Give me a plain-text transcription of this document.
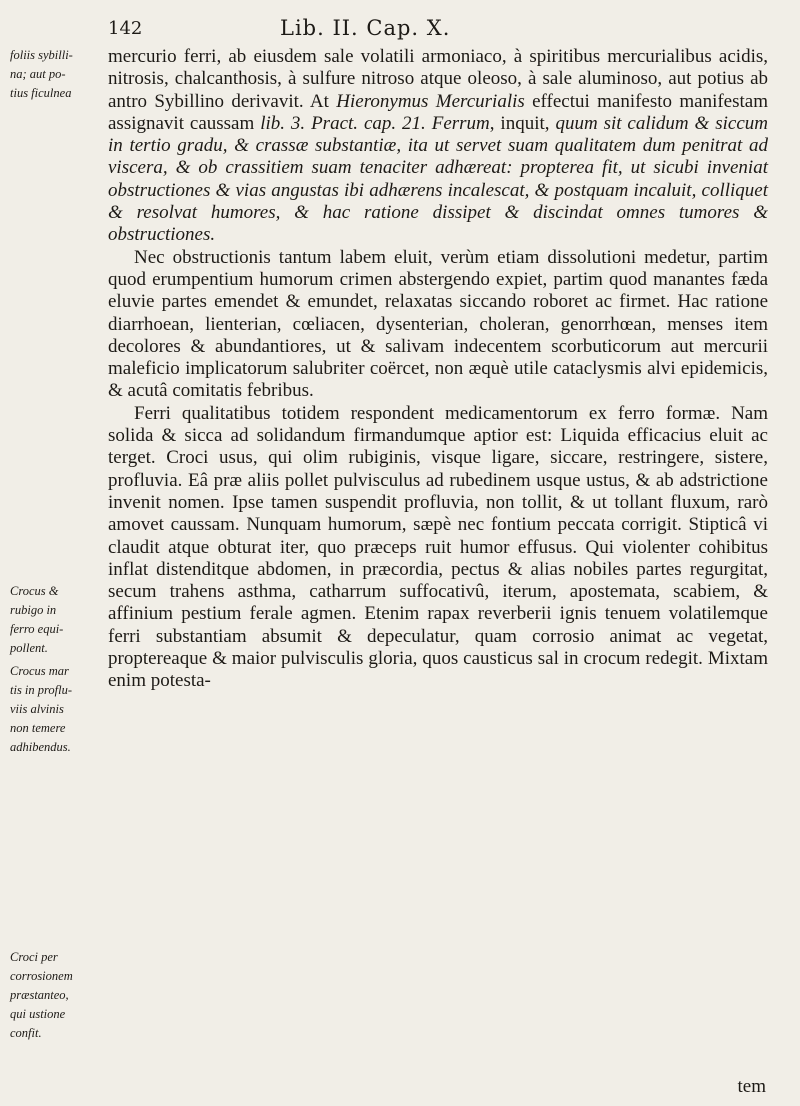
142	Lib. II. Cap. X.
foliis sybilli-
na; aut po-
tius ficulnea
Crocus &
rubigo in
ferro equi-
pollent.
Crocus mar
tis in proflu-
viis alvinis
non temere
adhibendus.
Croci per
corrosionem
præstanteo,
qui ustione
confit.

mercurio ferri, ab eiusdem sale volatili armoniaco, à spiritibus mercurialibus acidis, nitrosis, chalcanthosis, à sulfure nitroso atque oleoso, à sale aluminoso, aut potius ab antro Sybillino derivavit. At Hieronymus Mercurialis effectui manifesto manifestam assignavit caussam lib. 3. Pract. cap. 21. Ferrum, inquit, quum sit calidum & siccum in tertio gradu, & crassæ substantiæ, ita ut servet suam qualitatem dum penitrat ad viscera, & ob crassitiem suam tenaciter adhæreat: propterea fit, ut sicubi inveniat obstructiones & vias angustas ibi adhærens incalescat, & postquam incaluit, colliquet & resolvat humores, & hac ratione dissipet & discindat omnes tumores & obstructiones.

Nec obstructionis tantum labem eluit, verùm etiam dissolutioni medetur, partim quod erumpentium humorum crimen abstergendo expiet, partim quod manantes fæda eluvie partes emendet & emundet, relaxatas siccando roboret ac firmet. Hac ratione diarrhoean, lienterian, cœliacen, dysenterian, choleran, genorrhœan, menses item decolores & abundantiores, ut & salivam indecentem scorbuticorum aut mercurii maleficio implicatorum salubriter coërcet, non æquè utile cataclysmis alvi epidemicis, & acutâ comitatis febribus.

Ferri qualitatibus totidem respondent medicamentorum ex ferro formæ. Nam solida & sicca ad solidandum firmandumque aptior est: Liquida efficacius eluit ac terget. Croci usus, qui olim rubiginis, visque ligare, siccare, restringere, sistere, profluvia. Eâ præ aliis pollet pulvisculus ad rubedinem usque ustus, & ab adstrictione invenit nomen. Ipse tamen suspendit profluvia, non tollit, & ut tollant fluxum, rarò amovet caussam. Nunquam humorum, sæpè nec fontium peccata corrigit. Stipticâ vi claudit atque obturat iter, quo præceps ruit humor effusus. Qui violenter cohibitus inflat distenditque abdomen, in præcordia, pectus & alias nobiles partes regurgitat, secum trahens asthma, catharrum suffocativû, iterum, apostemata, scabiem, & affinium pestium ferale agmen. Etenim rapax reverberii ignis tenuem volatilemque ferri substantiam absumit & depeculatur, quam corrosio animat ac vegetat, proptereaque & maior pulvisculis gloria, quos causticus sal in crocum redegit. Mixtam enim potesta-

tem
